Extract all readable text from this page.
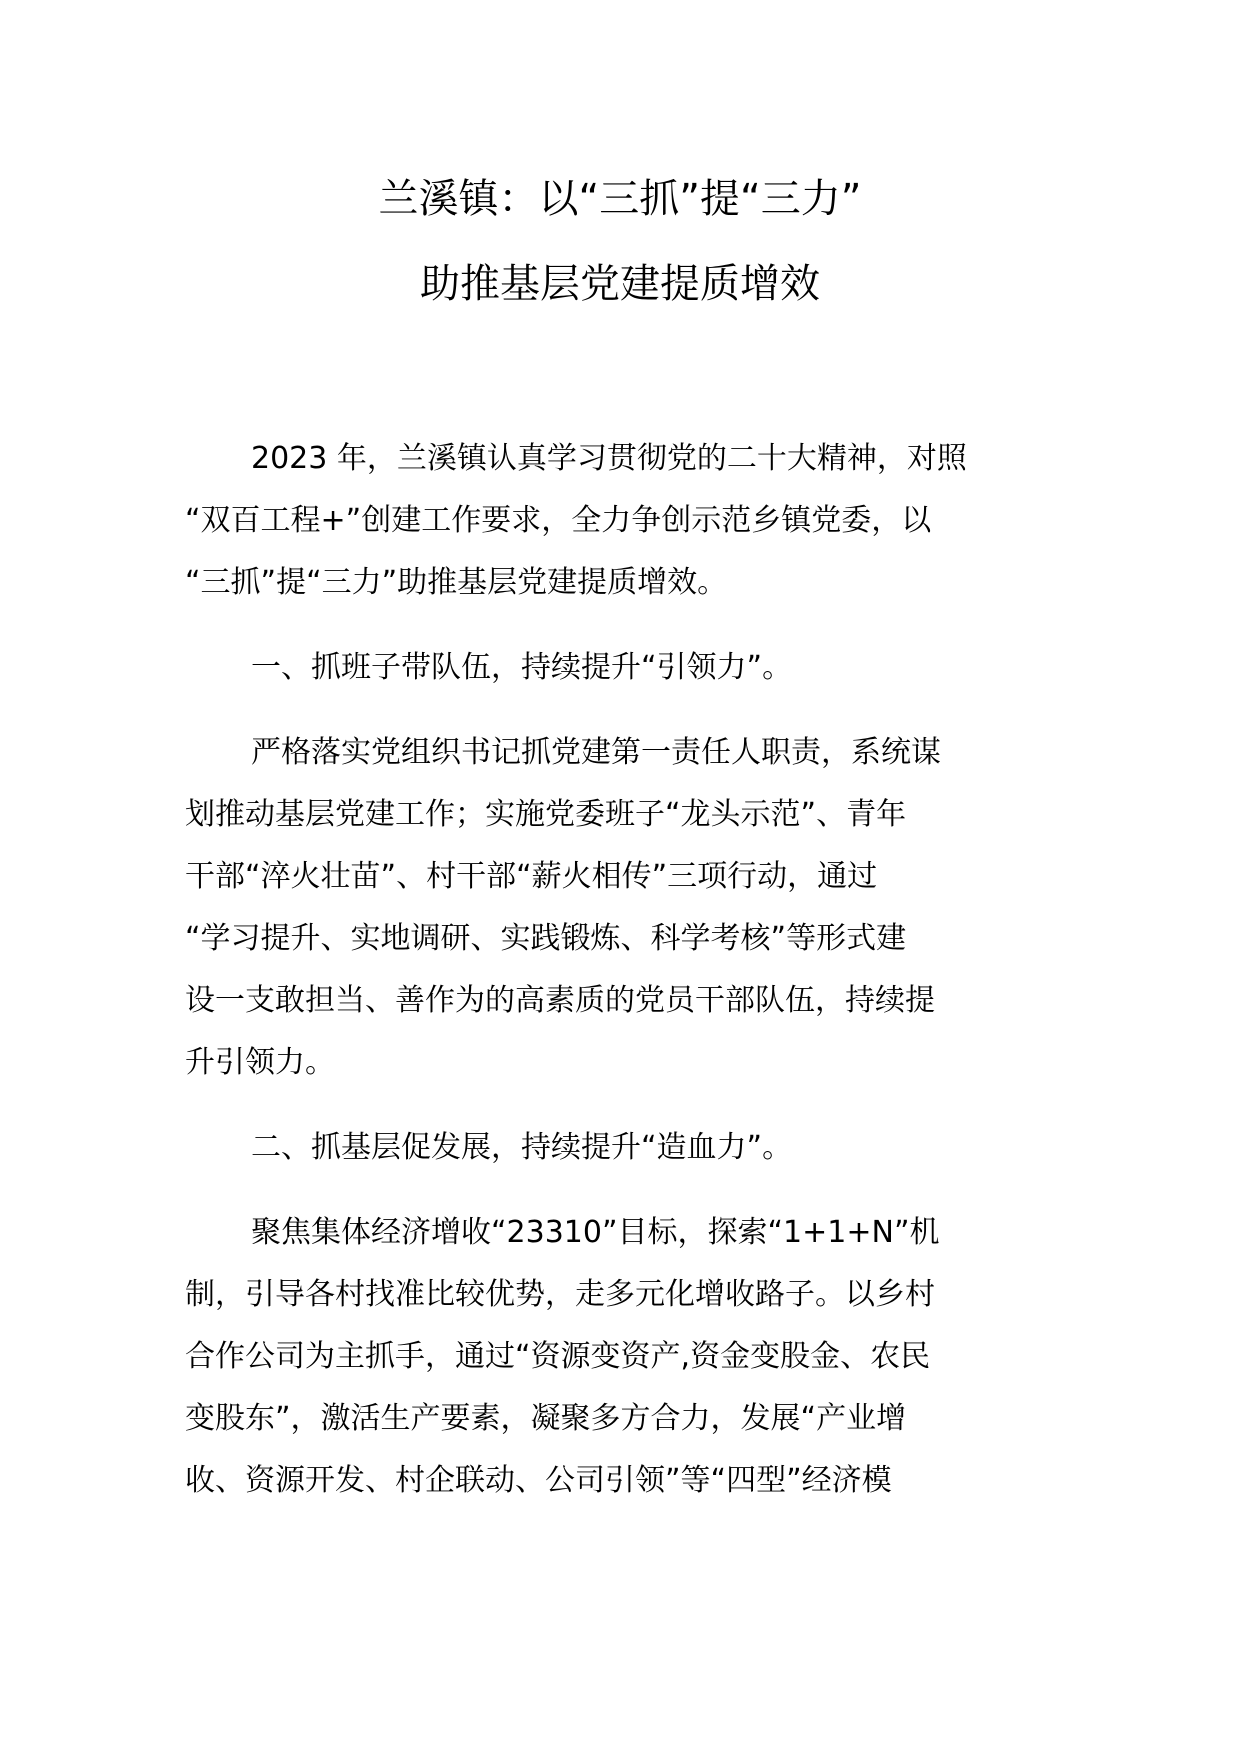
兰溪镇：以“三抓”提“三力”
助推基层党建提质增效
2023 年，兰溪镇认真学习贯彻党的二十大精神，对照
“双百工程+”创建工作要求，全力争创示范乡镇党委，以
“三抓”提“三力”助推基层党建提质增效。
一、抓班子带队伍，持续提升“引领力”。
严格落实党组织书记抓党建第一责任人职责，系统谋
划推动基层党建工作；实施党委班子“龙头示范”、青年
干部“淬火壮苗”、村干部“薪火相传”三项行动，通过
“学习提升、实地调研、实践锻炼、科学考核”等形式建
设一支敢担当、善作为的高素质的党员干部队伍，持续提
升引领力。
二、抓基层促发展，持续提升“造血力”。
聚焦集体经济增收“23310”目标，探索“1+1+N”机
制，引导各村找准比较优势，走多元化增收路子。以乡村
合作公司为主抓手，通过“资源变资产,资金变股金、农民
变股东”，激活生产要素，凝聚多方合力，发展“产业增
收、资源开发、村企联动、公司引领”等“四型”经济模
